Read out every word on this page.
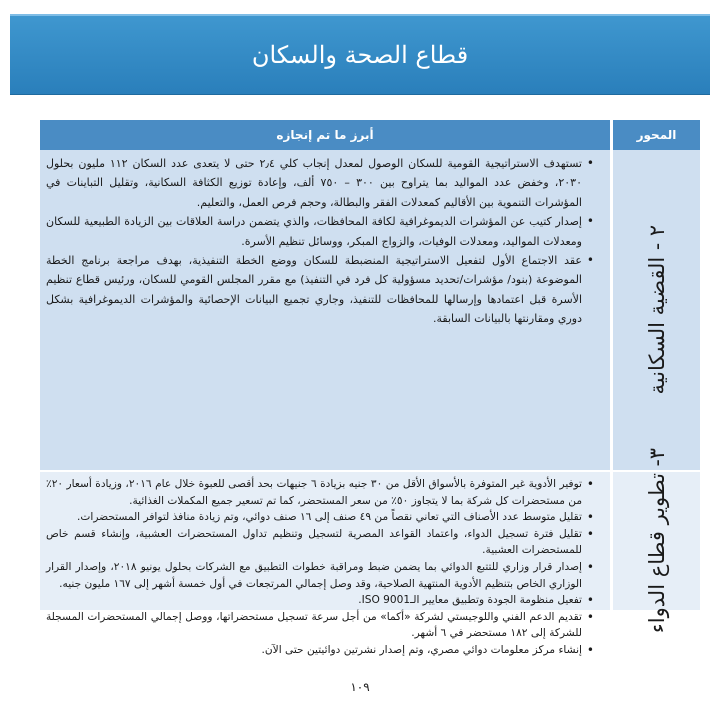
قطاع الصحة والسكان
أبرز ما تم إنجازه	المحور
• تستهدف الاستراتيجية القومية للسكان الوصول لمعدل إنجاب كلي ٢٫٤ حتى لا يتعدى عدد السكان ١١٢ مليون بحلول ٢٠٣٠، وخفض عدد المواليد بما يتراوح بين ٣٠٠ – ٧٥٠ ألف، وإعادة توزيع الكثافة السكانية، وتقليل التباينات في المؤشرات التنموية بين الأقاليم كمعدلات الفقر والبطالة، وحجم فرص العمل، والتعليم.
• إصدار كتيب عن المؤشرات الديموغرافية لكافة المحافظات، والذي يتضمن دراسة العلاقات بين الزيادة الطبيعية للسكان ومعدلات المواليد، ومعدلات الوفيات، والزواج المبكر، ووسائل تنظيم الأسرة.
• عقد الاجتماع الأول لتفعيل الاستراتيجية المنضبطة للسكان ووضع الخطة التنفيذية، بهدف مراجعة برنامج الخطة الموضوعة (بنود/ مؤشرات/تحديد مسؤولية كل فرد في التنفيذ) مع مقرر المجلس القومي للسكان، ورئيس قطاع تنظيم الأسرة قبل اعتمادها وإرسالها للمحافظات للتنفيذ، وجاري تجميع البيانات الإحصائية والمؤشرات الديموغرافية بشكل دوري ومقارنتها بالبيانات السابقة.	٢ - القضية السكانية
• توفير الأدوية غير المتوفرة بالأسواق الأقل من ٣٠ جنيه بزيادة ٦ جنيهات بحد أقصى للعبوة خلال عام ٢٠١٦، وزيادة أسعار ٢٠٪ من مستحضرات كل شركة بما لا يتجاوز ٥٠٪ من سعر المستحضر، كما تم تسعير جميع المكملات الغذائية.
• تقليل متوسط عدد الأصناف التي تعاني نقصاً من ٤٩ صنف إلى ١٦ صنف دوائي، وتم زيادة منافذ لتوافر المستحضرات.
• تقليل فترة تسجيل الدواء، واعتماد القواعد المصرية لتسجيل وتنظيم تداول المستحضرات العشبية، وإنشاء قسم خاص للمستحضرات العشبية.
• إصدار قرار وزاري للتتبع الدوائي بما يضمن ضبط ومراقبة خطوات التطبيق مع الشركات بحلول يونيو ٢٠١٨، وإصدار القرار الوزاري الخاص بتنظيم الأدوية المنتهية الصلاحية، وقد وصل إجمالي المرتجعات في أول خمسة أشهر إلى ١٦٧ مليون جنيه.
• تفعيل منظومة الجودة وتطبيق معايير الـISO 9001.
• تقديم الدعم الفني واللوجيستي لشركة «أكما» من أجل سرعة تسجيل مستحضراتها، ووصل إجمالي المستحضرات المسجلة للشركة إلى ١٨٢ مستحضر في ٦ أشهر.
• إنشاء مركز معلومات دوائي مصري، وتم إصدار نشرتين دوائيتين حتى الآن.
٣- تطوير قطاع الدواء
١٠٩
